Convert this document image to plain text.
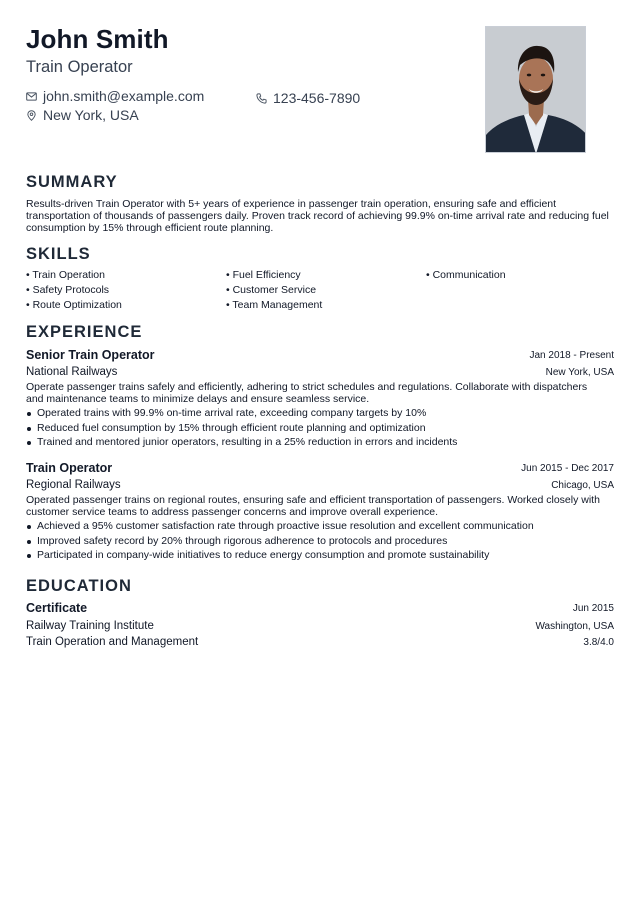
John Smith
Train Operator
john.smith@example.com	123-456-7890
New York, USA
SUMMARY
Results-driven Train Operator with 5+ years of experience in passenger train operation, ensuring safe and efficient transportation of thousands of passengers daily. Proven track record of achieving 99.9% on-time arrival rate and reducing fuel consumption by 15% through efficient route planning.
SKILLS
• Train Operation
• Safety Protocols
• Route Optimization
• Fuel Efficiency
• Customer Service
• Team Management
• Communication
EXPERIENCE
Senior Train Operator	Jan 2018 - Present
National Railways	New York, USA
Operate passenger trains safely and efficiently, adhering to strict schedules and regulations. Collaborate with dispatchers and maintenance teams to minimize delays and ensure seamless service.
Operated trains with 99.9% on-time arrival rate, exceeding company targets by 10%
Reduced fuel consumption by 15% through efficient route planning and optimization
Trained and mentored junior operators, resulting in a 25% reduction in errors and incidents
Train Operator	Jun 2015 - Dec 2017
Regional Railways	Chicago, USA
Operated passenger trains on regional routes, ensuring safe and efficient transportation of passengers. Worked closely with customer service teams to address passenger concerns and improve overall experience.
Achieved a 95% customer satisfaction rate through proactive issue resolution and excellent communication
Improved safety record by 20% through rigorous adherence to protocols and procedures
Participated in company-wide initiatives to reduce energy consumption and promote sustainability
EDUCATION
Certificate	Jun 2015
Railway Training Institute	Washington, USA
Train Operation and Management	3.8/4.0
